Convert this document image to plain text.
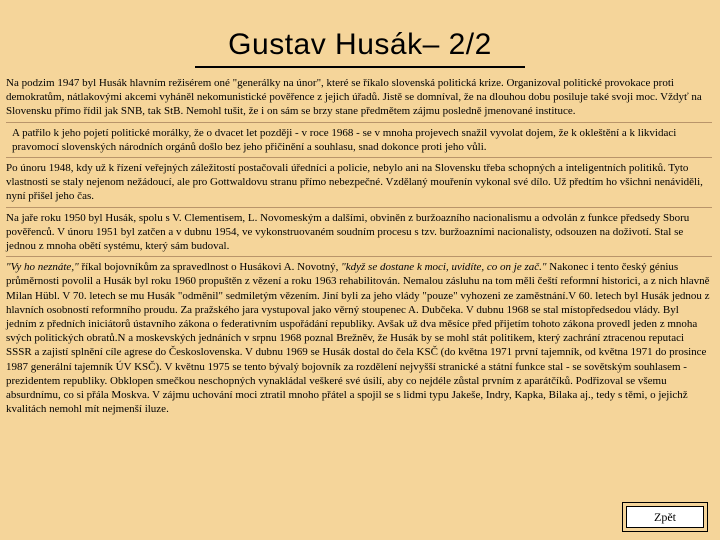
Gustav Husák– 2/2

Na podzim 1947 byl Husák hlavním režisérem oné "generálky na únor", které se říkalo slovenská politická krize. Organizoval politické provokace proti demokratům, nátlakovými akcemi vyháněl nekomunistické pověřence z jejich úřadů. Jistě se domníval, že na dlouhou dobu posiluje také svoji moc. Vždyť na Slovensku přímo řídil jak SNB, tak StB. Nemohl tušit, že i on sám se brzy stane předmětem zájmu posledně jmenované instituce.

A patřilo k jeho pojetí politické morálky, že o dvacet let později - v roce 1968 - se v mnoha projevech snažil vyvolat dojem, že k okleštění a k likvidaci pravomocí slovenských národních orgánů došlo bez jeho přičinění a souhlasu, snad dokonce proti jeho vůli.

Po únoru 1948, kdy už k řízení veřejných záležitostí postačovali úředníci a policie, nebylo ani na Slovensku třeba schopných a inteligentních politiků. Tyto vlastnosti se staly nejenom nežádoucí, ale pro Gottwaldovu stranu přímo nebezpečné. Vzdělaný mouřenín vykonal své dílo. Už předtím ho všichni nenáviděli, nyní přišel jeho čas.

Na jaře roku 1950 byl Husák, spolu s V. Clementisem, L. Novomeským a dalšími, obviněn z buržoazního nacionalismu a odvolán z funkce předsedy Sboru pověřenců. V únoru 1951 byl zatčen a v dubnu 1954, ve vykonstruovaném soudním procesu s tzv. buržoazními nacionalisty, odsouzen na doživotí. Stal se jednou z mnoha obětí systému, který sám budoval.

"Vy ho neznáte," říkal bojovníkům za spravedlnost o Husákovi A. Novotný, "když se dostane k moci, uvidíte, co on je zač." Nakonec i tento český génius průměrnosti povolil a Husák byl roku 1960 propuštěn z vězení a roku 1963 rehabilitován. Nemalou zásluhu na tom měli čeští reformní historici, a z nich hlavně Milan Hübl. V 70. letech se mu Husák "odměnil" sedmiletým vězením. Jiní byli za jeho vlády "pouze" vyhozeni ze zaměstnání.V 60. letech byl Husák jednou z hlavních osobností reformního proudu. Za pražského jara vystupoval jako věrný stoupenec A. Dubčeka. V dubnu 1968 se stal místopředsedou vlády. Byl jedním z předních iniciátorů ústavního zákona o federativním uspořádání republiky. Avšak už dva měsíce před přijetím tohoto zákona provedl jeden z mnoha svých politických obratů.N a moskevských jednáních v srpnu 1968 poznal Brežněv, že Husák by se mohl stát politikem, který zachrání ztracenou reputaci SSSR a zajistí splnění cíle agrese do Československa. V dubnu 1969 se Husák dostal do čela KSČ (do května 1971 první tajemník, od května 1971 do prosince 1987 generální tajemník ÚV KSČ). V květnu 1975 se tento bývalý bojovník za rozdělení nejvyšší stranické a státní funkce stal - se sovětským souhlasem - prezidentem republiky. Obklopen smečkou neschopných vynakládal veškeré své úsilí, aby co nejdéle zůstal prvním z aparátčíků. Podřizoval se všemu absurdnímu, co si přála Moskva. V zájmu uchování moci ztratil mnoho přátel a spojil se s lidmi typu Jakeše, Indry, Kapka, Bilaka aj., tedy s těmi, o jejichž kvalitách nemohl mít nejmenší iluze.

Zpět
